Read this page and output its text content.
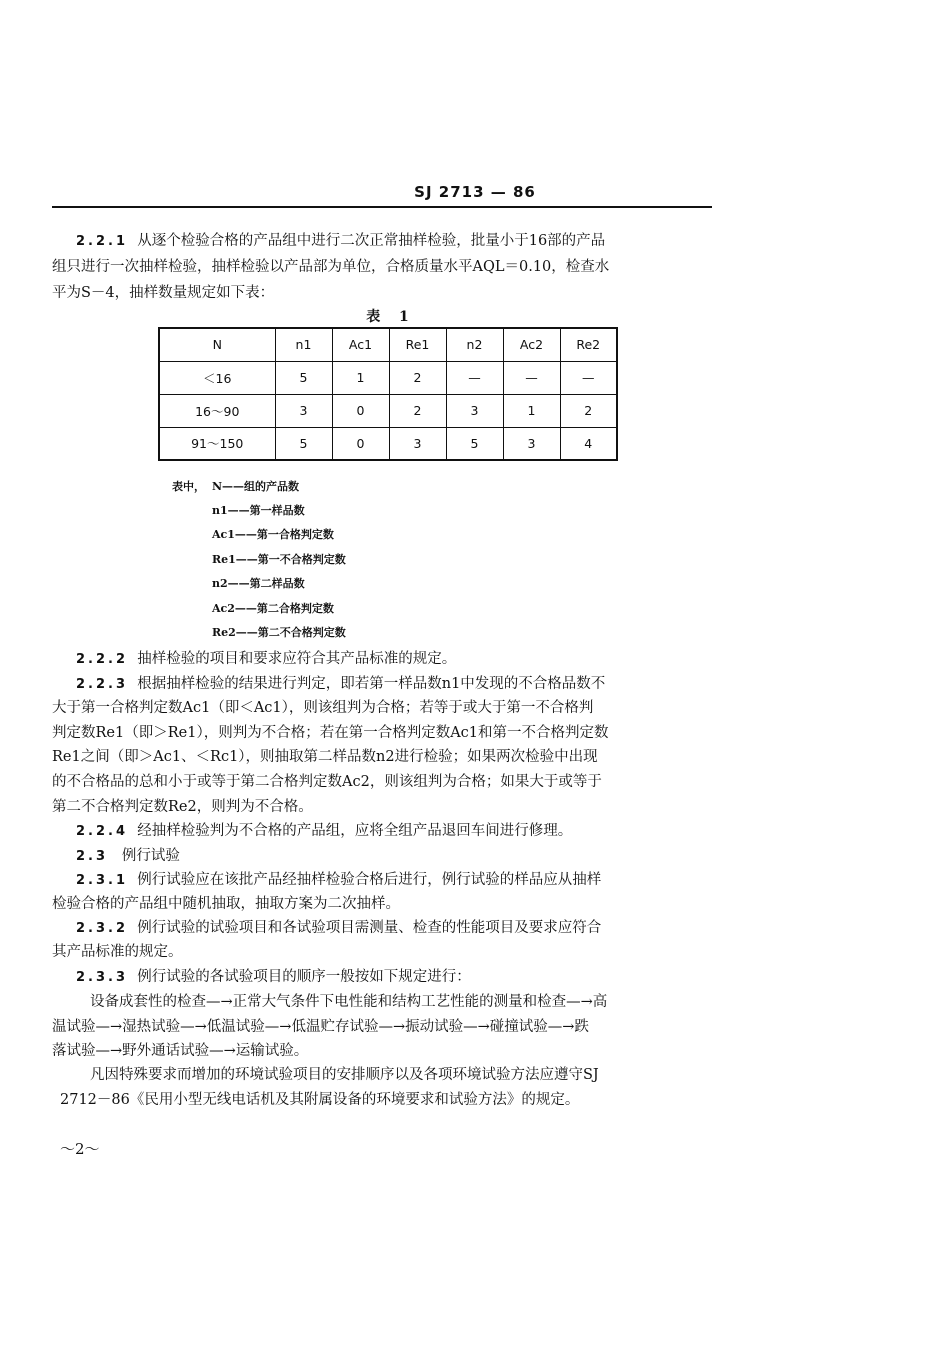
SJ 2713 — 86
2.2.1 从逐个检验合格的产品组中进行二次正常抽样检验，批量小于16部的产品
组只进行一次抽样检验，抽样检验以产品部为单位，合格质量水平AQL＝0.10，检查水
平为S－4，抽样数量规定如下表：
表　 1
N	n1	Ac1	Re1	n2	Ac2	Re2
＜16	5	1	2	—	—	—
16～90	3	0	2	3	1	2
91～150	5	0	3	5	3	4
表中， N——组的产品数
n1——第一样品数
Ac1——第一合格判定数
Re1——第一不合格判定数
n2——第二样品数
Ac2——第二合格判定数
Re2——第二不合格判定数
2.2.2 抽样检验的项目和要求应符合其产品标准的规定。
2.2.3 根据抽样检验的结果进行判定，即若第一样品数n1中发现的不合格品数不
大于第一合格判定数Ac1（即＜Ac1），则该组判为合格；若等于或大于第一不合格判
判定数Re1（即＞Re1），则判为不合格；若在第一合格判定数Ac1和第一不合格判定数
Re1之间（即＞Ac1、＜Rc1），则抽取第二样品数n2进行检验；如果两次检验中出现
的不合格品的总和小于或等于第二合格判定数Ac2，则该组判为合格；如果大于或等于
第二不合格判定数Re2，则判为不合格。
2.2.4 经抽样检验判为不合格的产品组，应将全组产品退回车间进行修理。
2.3 例行试验
2.3.1 例行试验应在该批产品经抽样检验合格后进行，例行试验的样品应从抽样
检验合格的产品组中随机抽取，抽取方案为二次抽样。
2.3.2 例行试验的试验项目和各试验项目需测量、检查的性能项目及要求应符合
其产品标准的规定。
2.3.3 例行试验的各试验项目的顺序一般按如下规定进行：
设备成套性的检查—→正常大气条件下电性能和结构工艺性能的测量和检查—→高
温试验—→湿热试验—→低温试验—→低温贮存试验—→振动试验—→碰撞试验—→跌
落试验—→野外通话试验—→运输试验。
凡因特殊要求而增加的环境试验项目的安排顺序以及各项环境试验方法应遵守SJ
2712－86《民用小型无线电话机及其附属设备的环境要求和试验方法》的规定。
～2～
